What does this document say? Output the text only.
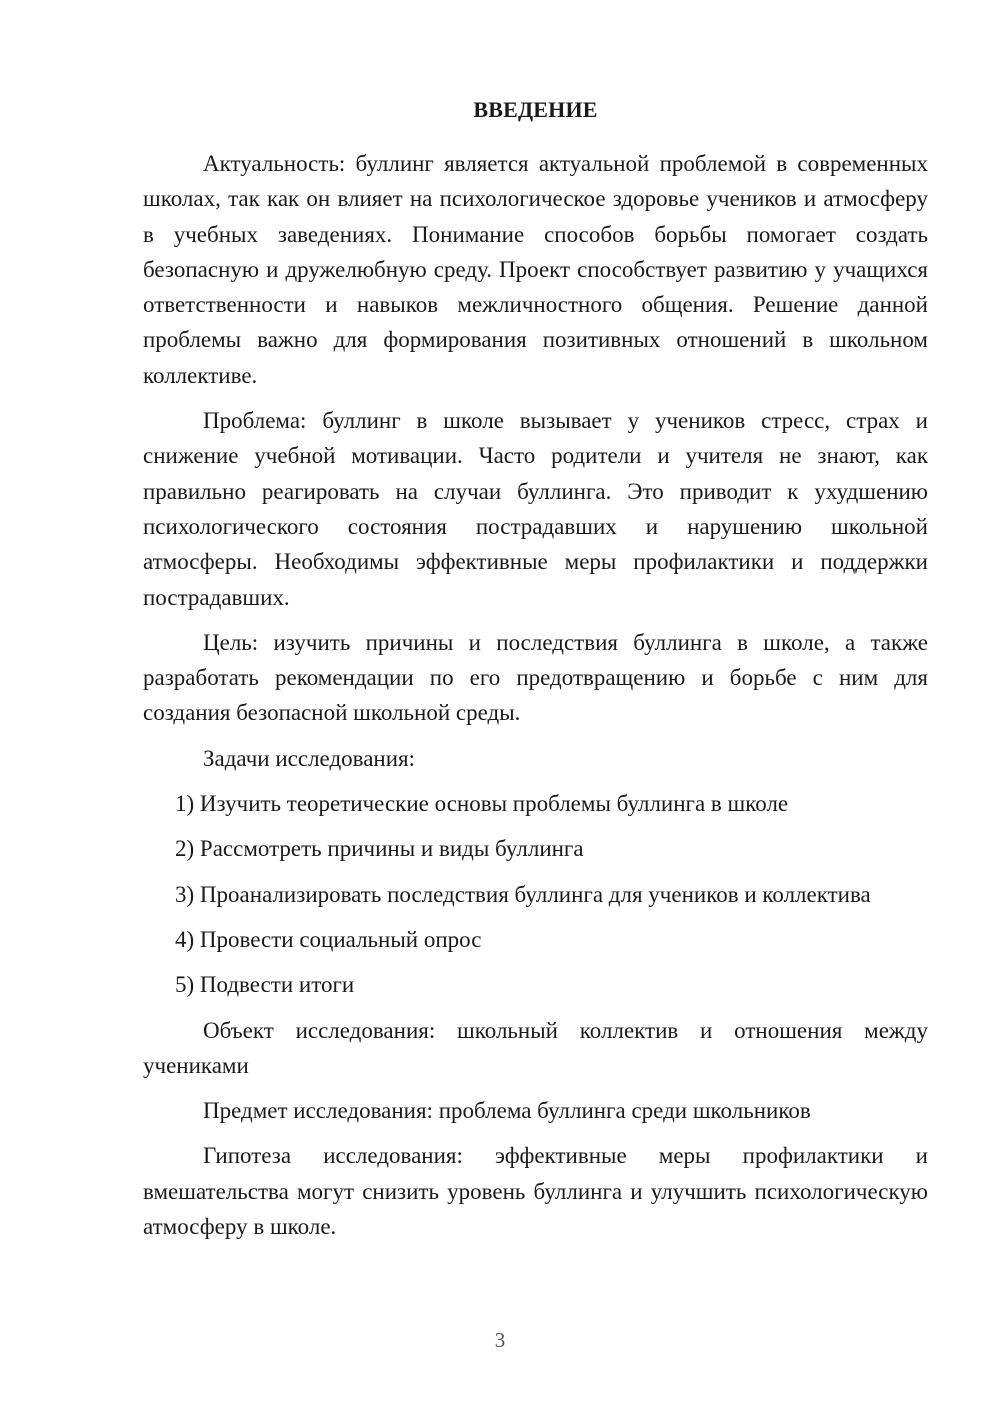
ВВЕДЕНИЕ

Актуальность: буллинг является актуальной проблемой в современных школах, так как он влияет на психологическое здоровье учеников и атмосферу в учебных заведениях. Понимание способов борьбы помогает создать безопасную и дружелюбную среду. Проект способствует развитию у учащихся ответственности и навыков межличностного общения. Решение данной проблемы важно для формирования позитивных отношений в школьном коллективе.

Проблема: буллинг в школе вызывает у учеников стресс, страх и снижение учебной мотивации. Часто родители и учителя не знают, как правильно реагировать на случаи буллинга. Это приводит к ухудшению психологического состояния пострадавших и нарушению школьной атмосферы. Необходимы эффективные меры профилактики и поддержки пострадавших.

Цель: изучить причины и последствия буллинга в школе, а также разработать рекомендации по его предотвращению и борьбе с ним для создания безопасной школьной среды.

Задачи исследования:

1) Изучить теоретические основы проблемы буллинга в школе

2) Рассмотреть причины и виды буллинга

3) Проанализировать последствия буллинга для учеников и коллектива

4) Провести социальный опрос

5) Подвести итоги

Объект исследования: школьный коллектив и отношения между учениками

Предмет исследования: проблема буллинга среди школьников

Гипотеза исследования: эффективные меры профилактики и вмешательства могут снизить уровень буллинга и улучшить психологическую атмосферу в школе.

3
